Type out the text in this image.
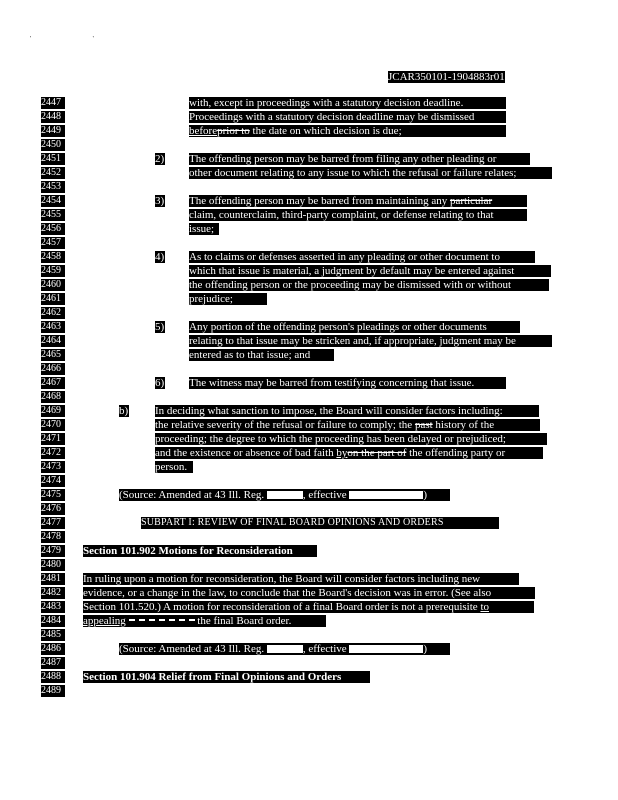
' '
JCAR350101-1904883r01
2447	with, except in proceedings with a statutory decision deadline.
2448	Proceedings with a statutory decision deadline may be dismissed
2449	beforeprior to the date on which decision is due;
2450
2451	2) The offending person may be barred from filing any other pleading or
2452	other document relating to any issue to which the refusal or failure relates;
2453
2454	3) The offending person may be barred from maintaining any particular
2455	claim, counterclaim, third-party complaint, or defense relating to that
2456	issue;
2457
2458	4) As to claims or defenses asserted in any pleading or other document to
2459	which that issue is material, a judgment by default may be entered against
2460	the offending person or the proceeding may be dismissed with or without
2461	prejudice;
2462
2463	5) Any portion of the offending person's pleadings or other documents
2464	relating to that issue may be stricken and, if appropriate, judgment may be
2465	entered as to that issue; and
2466
2467	6) The witness may be barred from testifying concerning that issue.
2468
2469	b) In deciding what sanction to impose, the Board will consider factors including:
2470	the relative severity of the refusal or failure to comply; the past history of the
2471	proceeding; the degree to which the proceeding has been delayed or prejudiced;
2472	and the existence or absence of bad faith byon the part of the offending party or
2473	person.
2474
2475	(Source: Amended at 43 Ill. Reg.	, effective	)
2476
2477	SUBPART I: REVIEW OF FINAL BOARD OPINIONS AND ORDERS
2478
2479	Section 101.902 Motions for Reconsideration
2480
2481	In ruling upon a motion for reconsideration, the Board will consider factors including new
2482	evidence, or a change in the law, to conclude that the Board's decision was in error. (See also
2483	Section 101.520.) A motion for reconsideration of a final Board order is not a prerequisite to
2484	appealing	the final Board order.
2485
2486	(Source: Amended at 43 Ill. Reg.	, effective	)
2487
2488	Section 101.904 Relief from Final Opinions and Orders
2489
